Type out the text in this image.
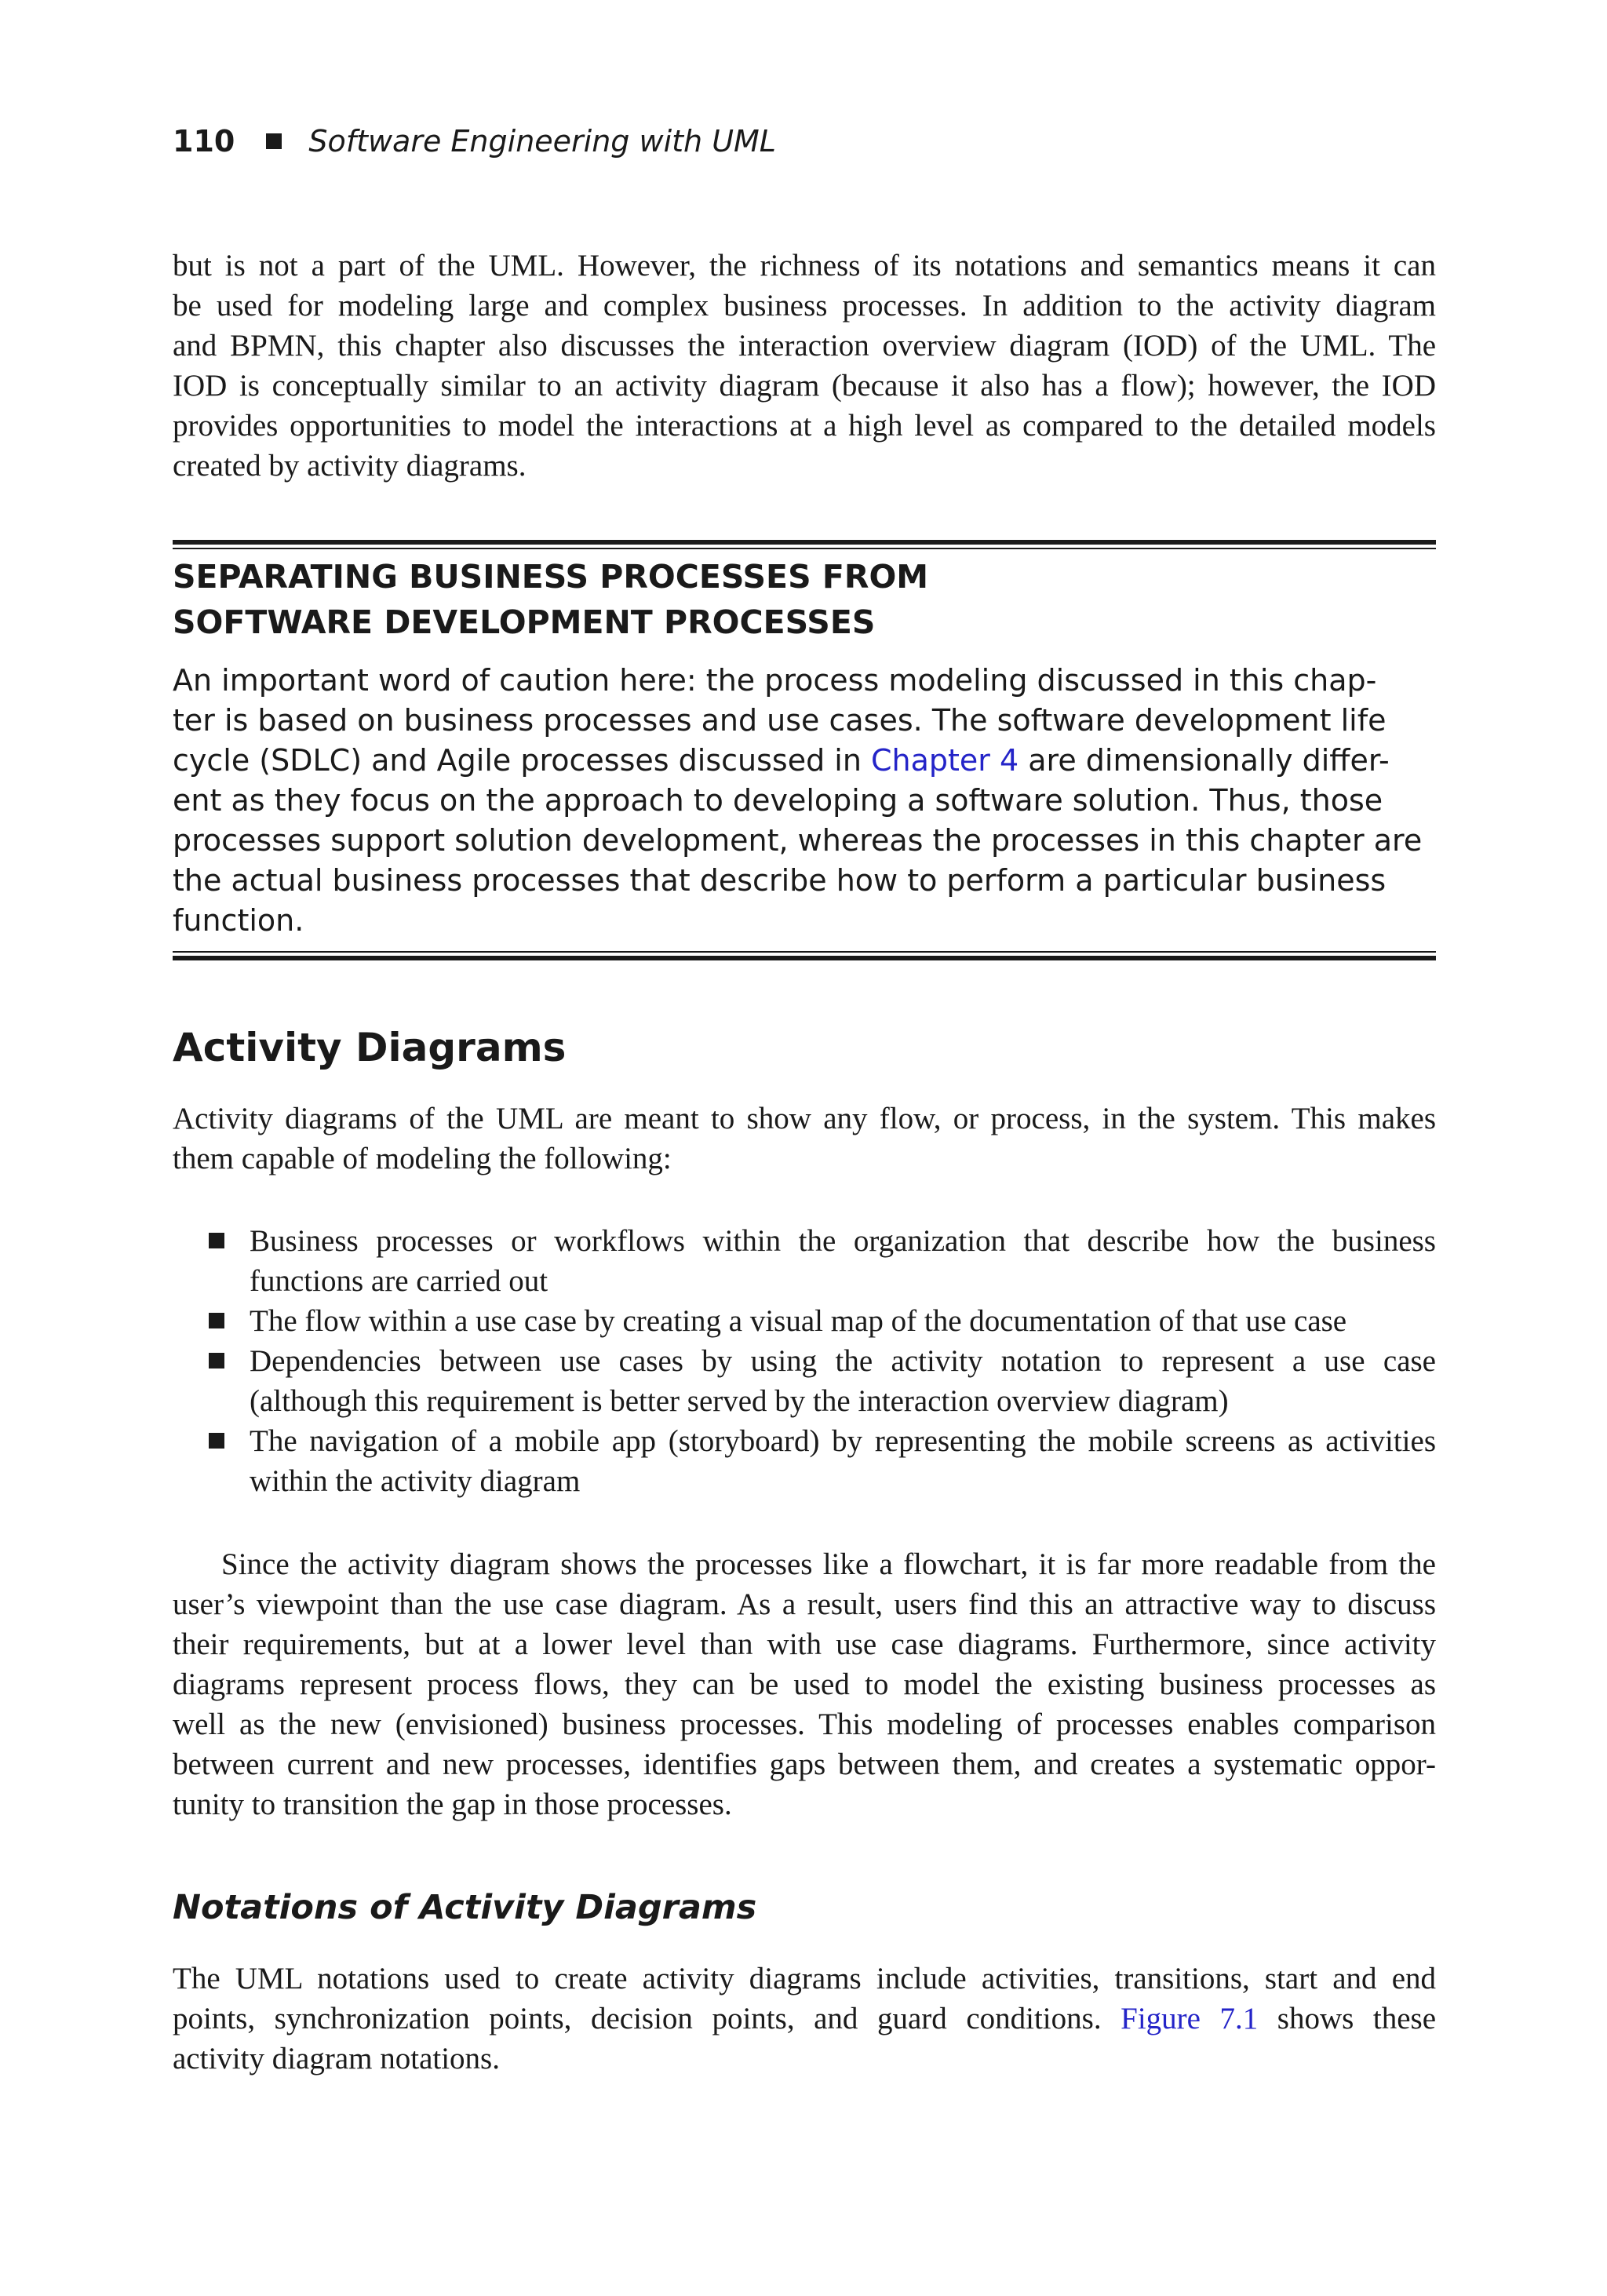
110 Software Engineering with UML
but is not a part of the UML. However, the richness of its notations and semantics means it can
be used for modeling large and complex business processes. In addition to the activity diagram
and BPMN, this chapter also discusses the interaction overview diagram (IOD) of the UML. The
IOD is conceptually similar to an activity diagram (because it also has a flow); however, the IOD
provides opportunities to model the interactions at a high level as compared to the detailed models
created by activity diagrams.
SEPARATING BUSINESS PROCESSES FROM
SOFTWARE DEVELOPMENT PROCESSES
An important word of caution here: the process modeling discussed in this chap-
ter is based on business processes and use cases. The software development life
cycle (SDLC) and Agile processes discussed in Chapter 4 are dimensionally differ-
ent as they focus on the approach to developing a software solution. Thus, those
processes support solution development, whereas the processes in this chapter are
the actual business processes that describe how to perform a particular business
function.
Activity Diagrams
Activity diagrams of the UML are meant to show any flow, or process, in the system. This makes
them capable of modeling the following:
Business processes or workflows within the organization that describe how the business
functions are carried out
The flow within a use case by creating a visual map of the documentation of that use case
Dependencies between use cases by using the activity notation to represent a use case
(although this requirement is better served by the interaction overview diagram)
The navigation of a mobile app (storyboard) by representing the mobile screens as activities
within the activity diagram
Since the activity diagram shows the processes like a flowchart, it is far more readable from the
user’s viewpoint than the use case diagram. As a result, users find this an attractive way to discuss
their requirements, but at a lower level than with use case diagrams. Furthermore, since activity
diagrams represent process flows, they can be used to model the existing business processes as
well as the new (envisioned) business processes. This modeling of processes enables comparison
between current and new processes, identifies gaps between them, and creates a systematic oppor-
tunity to transition the gap in those processes.
Notations of Activity Diagrams
The UML notations used to create activity diagrams include activities, transitions, start and end
points, synchronization points, decision points, and guard conditions. Figure 7.1 shows these
activity diagram notations.
